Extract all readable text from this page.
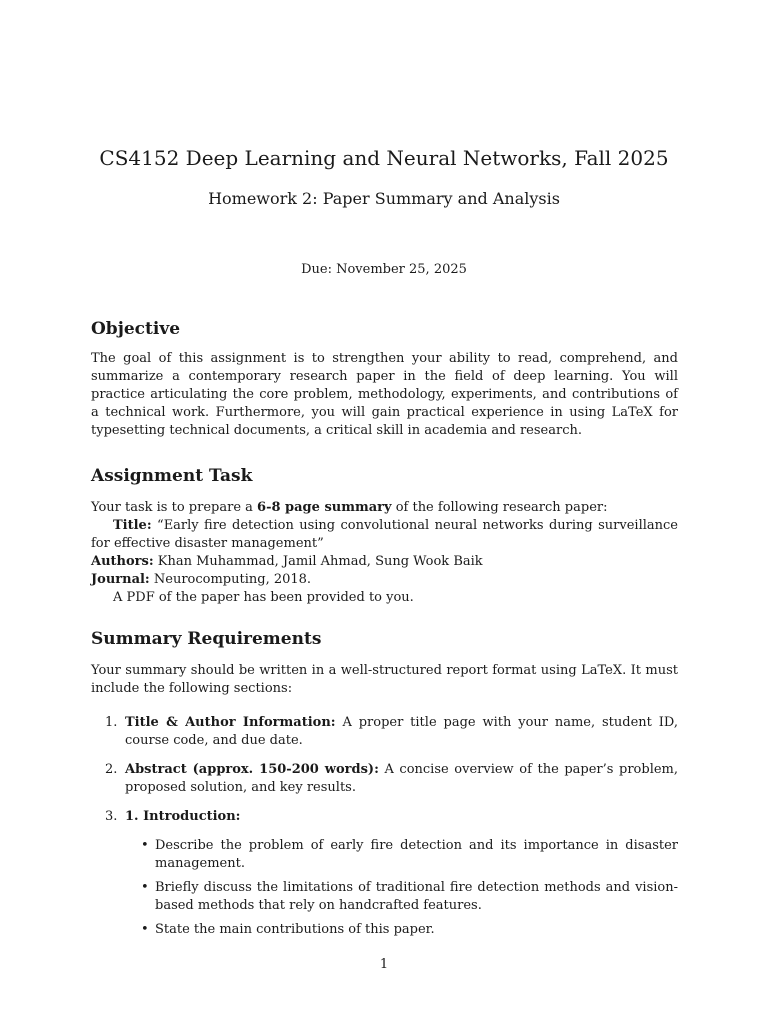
CS4152 Deep Learning and Neural Networks, Fall 2025
Homework 2: Paper Summary and Analysis
Due: November 25, 2025
Objective

The goal of this assignment is to strengthen your ability to read, comprehend, and summarize a contemporary research paper in the field of deep learning. You will practice articulating the core problem, methodology, experiments, and contributions of a technical work. Furthermore, you will gain practical experience in using LaTeX for typesetting technical documents, a critical skill in academia and research.

Assignment Task

Your task is to prepare a 6-8 page summary of the following research paper:

Title: “Early fire detection using convolutional neural networks during surveillance for effective disaster management”

Authors: Khan Muhammad, Jamil Ahmad, Sung Wook Baik

Journal: Neurocomputing, 2018.

A PDF of the paper has been provided to you.

Summary Requirements

Your summary should be written in a well-structured report format using LaTeX. It must include the following sections:

1. Title & Author Information: A proper title page with your name, student ID, course code, and due date.
2. Abstract (approx. 150-200 words): A concise overview of the paper’s problem, proposed solution, and key results.
3. 1. Introduction:
• Describe the problem of early fire detection and its importance in disaster management.
• Briefly discuss the limitations of traditional fire detection methods and vision-based methods that rely on handcrafted features.
• State the main contributions of this paper.
1
